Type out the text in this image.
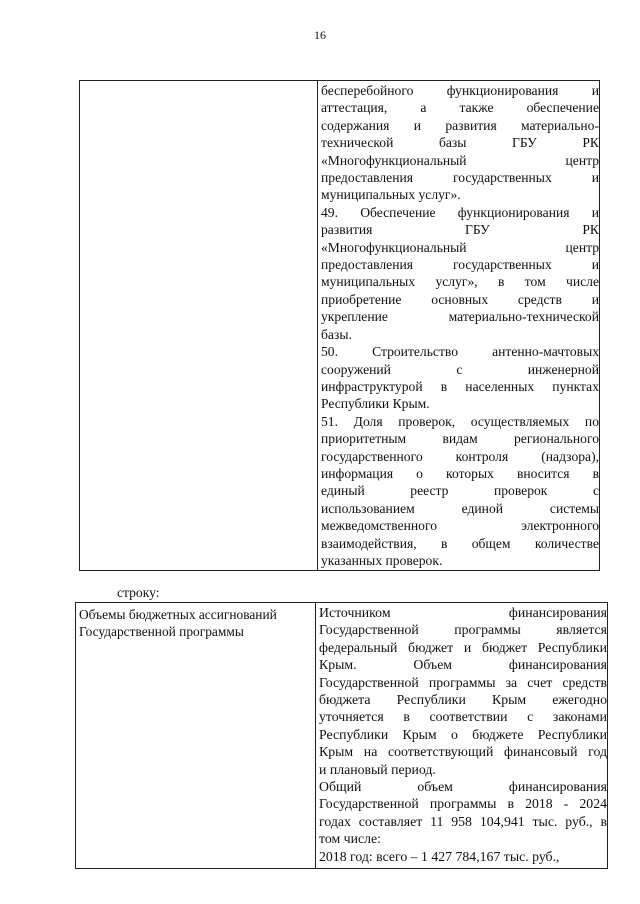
16

бесперебойного функционирования и
аттестация, а также обеспечение
содержания и развития материально-
технической базы ГБУ РК
«Многофункциональный центр
предоставления государственных и
муниципальных услуг».
49. Обеспечение функционирования и
развития ГБУ РК
«Многофункциональный центр
предоставления государственных и
муниципальных услуг», в том числе
приобретение основных средств и
укрепление материально-технической
базы.
50. Строительство антенно-мачтовых
сооружений с инженерной
инфраструктурой в населенных пунктах
Республики Крым.
51. Доля проверок, осуществляемых по
приоритетным видам регионального
государственного контроля (надзора),
информация о которых вносится в
единый реестр проверок с
использованием единой системы
межведомственного электронного
взаимодействия, в общем количестве
указанных проверок.
строку:
Объемы бюджетных ассигнований
Государственной программы

Источником финансирования
Государственной программы является
федеральный бюджет и бюджет Республики
Крым. Объем финансирования
Государственной программы за счет средств
бюджета Республики Крым ежегодно
уточняется в соответствии с законами
Республики Крым о бюджете Республики
Крым на соответствующий финансовый год
и плановый период.
Общий объем финансирования
Государственной программы в 2018 - 2024
годах составляет 11 958 104,941 тыс. руб., в
том числе:
2018 год: всего – 1 427 784,167 тыс. руб.,
